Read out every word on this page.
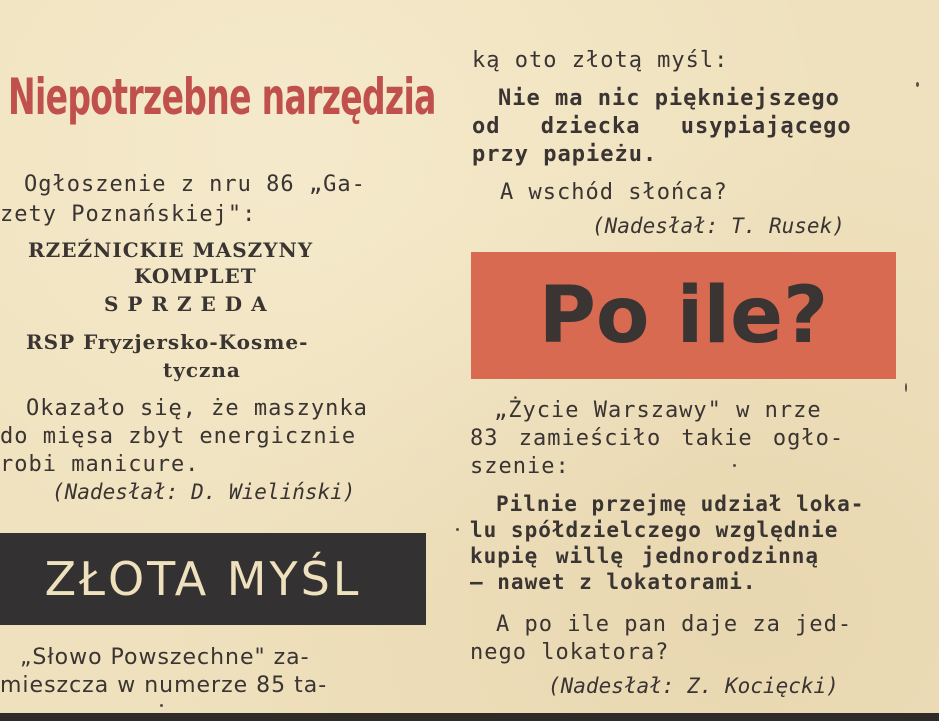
Niepotrzebne narzędzia
Ogłoszenie z nru 86 „Ga-
zety Poznańskiej":
RZEŹNICKIE MASZYNY
KOMPLET
S P R Z E D A
RSP Fryzjersko-Kosme-
tyczna
Okazało się, że maszynka
do mięsa zbyt energicznie
robi manicure.
(Nadesłał: D. Wieliński)
ZŁOTA MYŚL
„Słowo Powszechne" za-
mieszcza w numerze 85 ta-
ką oto złotą myśl:
Nie ma nic piękniejszego
od dziecka usypiającego
przy papieżu.
A wschód słońca?
(Nadesłał: T. Rusek)
Po ile?
„Życie Warszawy" w nrze
83 zamieściło takie ogło-
szenie:
Pilnie przejmę udział loka-
lu spółdzielczego względnie
kupię willę jednorodzinną
— nawet z lokatorami.
A po ile pan daje za jed-
nego lokatora?
(Nadesłał: Z. Kocięcki)
